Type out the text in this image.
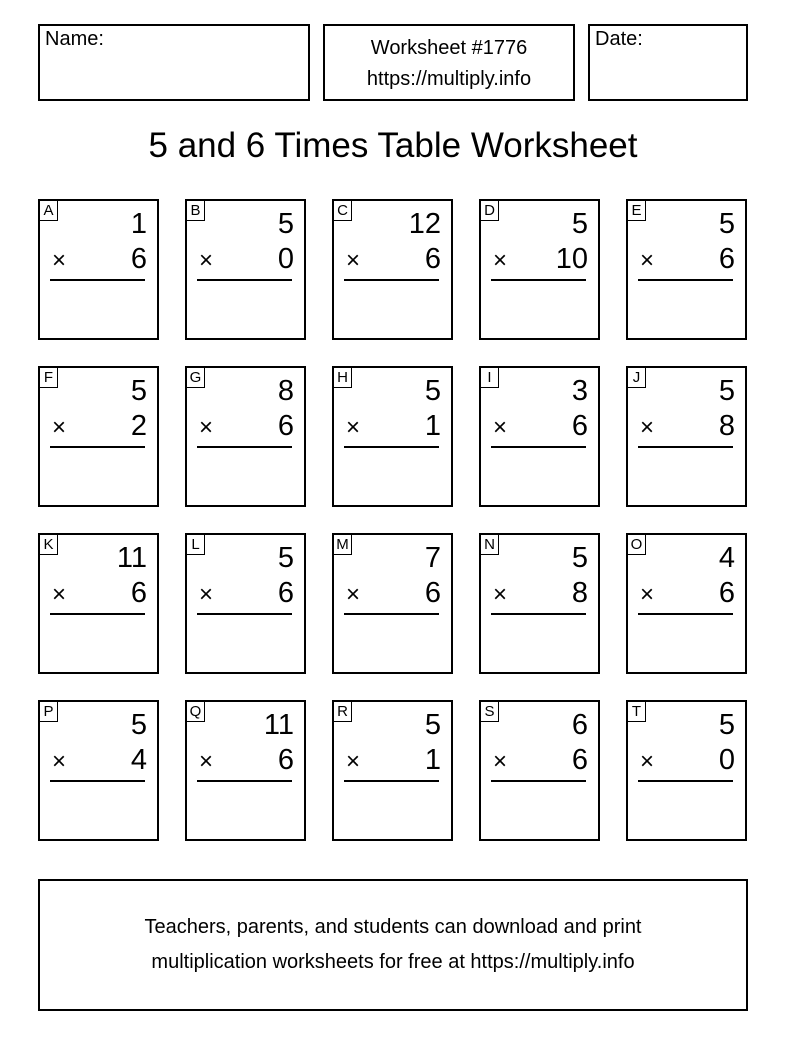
Name:	Worksheet #1776
https://multiply.info
Date:
5 and 6 Times Table Worksheet
A	1
× 6
B	5
× 0
C 12
× 6
D	5
× 10
E	5
× 6
F	5
× 2
G	8
× 6
H	5
× 1
I	3
× 6
J	5
× 8
K 11
× 6
L	5
× 6
M	7
× 6
N	5
× 8
O	4
× 6
P	5
× 4
Q 11
× 6
R	5
× 1
S	6
× 6
T	5
× 0
Teachers, parents, and students can download and print
multiplication worksheets for free at https://multiply.info
